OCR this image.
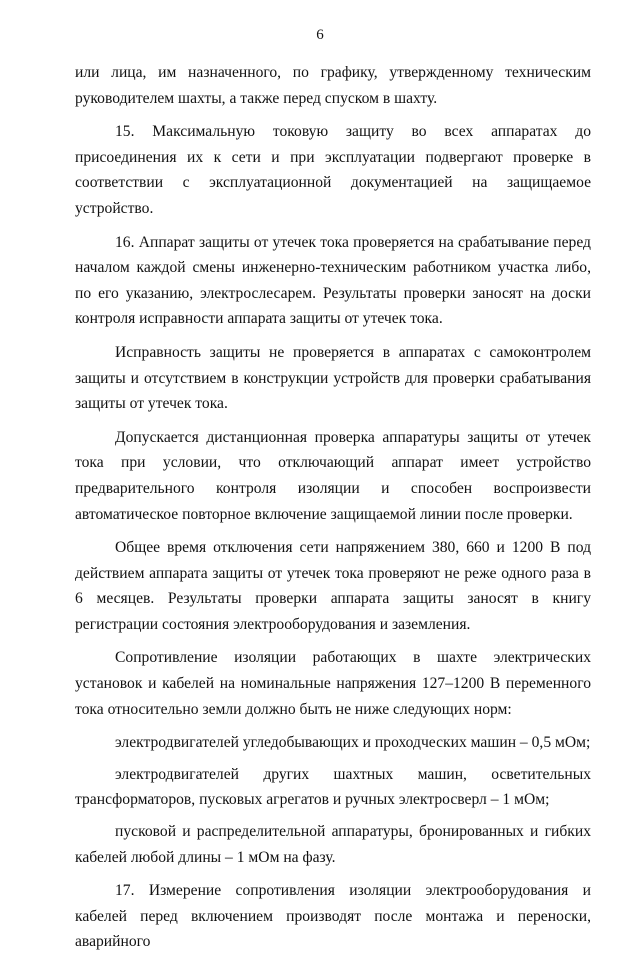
6

или лица, им назначенного, по графику, утвержденному техническим руководителем шахты, а также перед спуском в шахту.

15. Максимальную токовую защиту во всех аппаратах до присоединения их к сети и при эксплуатации подвергают проверке в соответствии с эксплуатационной документацией на защищаемое устройство.

16. Аппарат защиты от утечек тока проверяется на срабатывание перед началом каждой смены инженерно-техническим работником участка либо, по его указанию, электрослесарем. Результаты проверки заносят на доски контроля исправности аппарата защиты от утечек тока.

Исправность защиты не проверяется в аппаратах с самоконтролем защиты и отсутствием в конструкции устройств для проверки срабатывания защиты от утечек тока.

Допускается дистанционная проверка аппаратуры защиты от утечек тока при условии, что отключающий аппарат имеет устройство предварительного контроля изоляции и способен воспроизвести автоматическое повторное включение защищаемой линии после проверки.

Общее время отключения сети напряжением 380, 660 и 1200 В под действием аппарата защиты от утечек тока проверяют не реже одного раза в 6 месяцев. Результаты проверки аппарата защиты заносят в книгу регистрации состояния электрооборудования и заземления.

Сопротивление изоляции работающих в шахте электрических установок и кабелей на номинальные напряжения 127–1200 В переменного тока относительно земли должно быть не ниже следующих норм:

электродвигателей угледобывающих и проходческих машин – 0,5 мОм;

электродвигателей других шахтных машин, осветительных трансформаторов, пусковых агрегатов и ручных электросверл – 1 мОм;

пусковой и распределительной аппаратуры, бронированных и гибких кабелей любой длины – 1 мОм на фазу.

17. Измерение сопротивления изоляции электрооборудования и кабелей перед включением производят после монтажа и переноски, аварийного
